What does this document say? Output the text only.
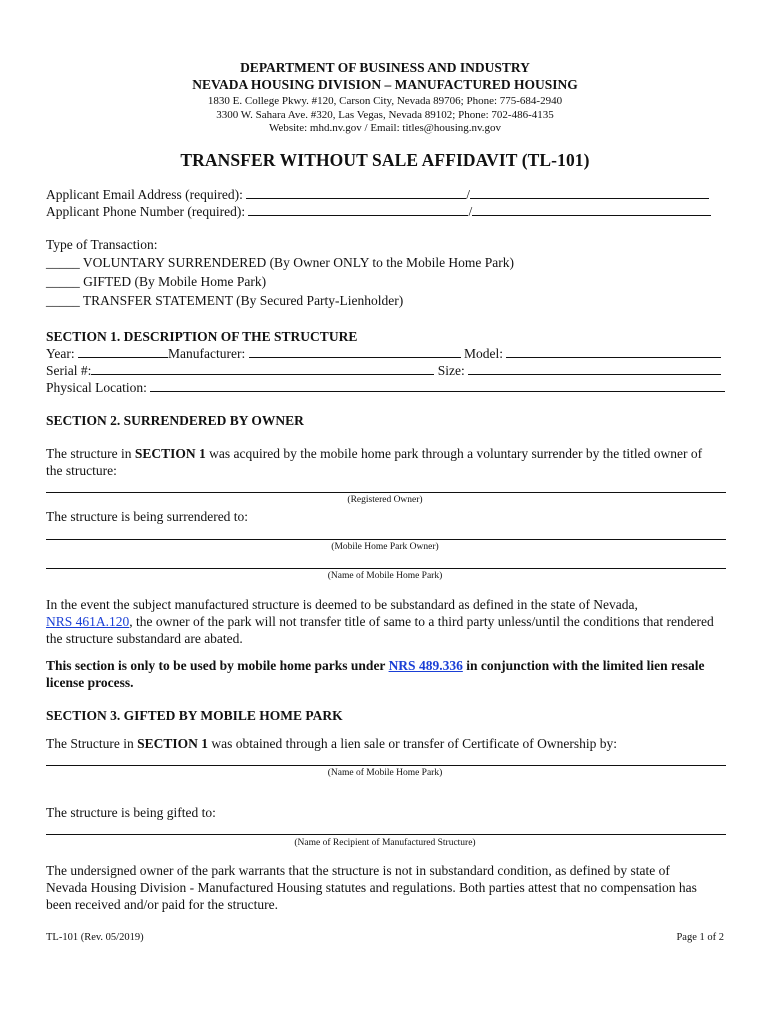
DEPARTMENT OF BUSINESS AND INDUSTRY
NEVADA HOUSING DIVISION – MANUFACTURED HOUSING
1830 E. College Pkwy. #120, Carson City, Nevada 89706; Phone: 775-684-2940
3300 W. Sahara Ave. #320, Las Vegas, Nevada 89102; Phone: 702-486-4135
Website: mhd.nv.gov / Email: titles@housing.nv.gov
TRANSFER WITHOUT SALE AFFIDAVIT (TL-101)
Applicant Email Address (required):	/
Applicant Phone Number (required):	/
Type of Transaction:
_____ VOLUNTARY SURRENDERED (By Owner ONLY to the Mobile Home Park)
_____ GIFTED (By Mobile Home Park)
_____ TRANSFER STATEMENT (By Secured Party-Lienholder)
SECTION 1. DESCRIPTION OF THE STRUCTURE
Year:	Manufacturer:	Model:
Serial #:	Size:
Physical Location:
SECTION 2. SURRENDERED BY OWNER
The structure in SECTION 1 was acquired by the mobile home park through a voluntary surrender by the titled owner of
the structure:
(Registered Owner)
The structure is being surrendered to:
(Mobile Home Park Owner)
(Name of Mobile Home Park)
In the event the subject manufactured structure is deemed to be substandard as defined in the state of Nevada,
NRS 461A.120, the owner of the park will not transfer title of same to a third party unless/until the conditions that rendered
the structure substandard are abated.
This section is only to be used by mobile home parks under NRS 489.336 in conjunction with the limited lien resale
license process.
SECTION 3. GIFTED BY MOBILE HOME PARK
The Structure in SECTION 1 was obtained through a lien sale or transfer of Certificate of Ownership by:
(Name of Mobile Home Park)
The structure is being gifted to:
(Name of Recipient of Manufactured Structure)
The undersigned owner of the park warrants that the structure is not in substandard condition, as defined by state of
Nevada Housing Division - Manufactured Housing statutes and regulations. Both parties attest that no compensation has
been received and/or paid for the structure.
TL-101 (Rev. 05/2019)	Page 1 of 2
